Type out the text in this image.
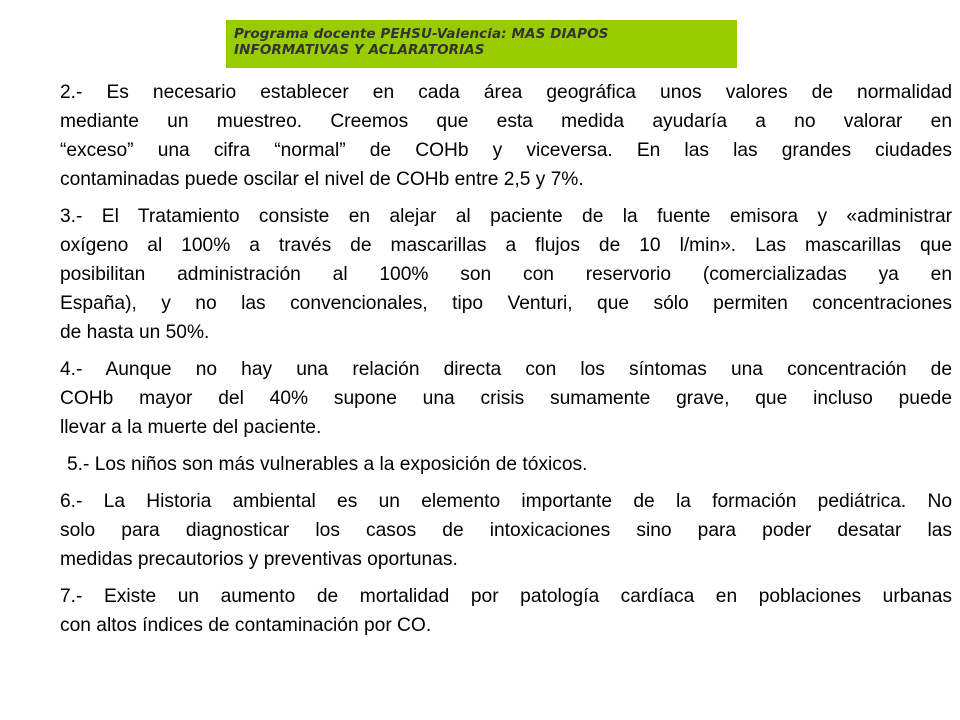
Programa docente PEHSU-Valencia: MAS DIAPOS
INFORMATIVAS Y ACLARATORIAS

2.- Es necesario establecer en cada área geográfica unos valores de normalidad
mediante un muestreo. Creemos que esta medida ayudaría a no valorar en
“exceso” una cifra “normal” de COHb y viceversa. En las las grandes ciudades
contaminadas puede oscilar el nivel de COHb entre 2,5 y 7%.

3.- El Tratamiento consiste en alejar al paciente de la fuente emisora y «administrar
oxígeno al 100% a través de mascarillas a flujos de 10 l/min». Las mascarillas que
posibilitan administración al 100% son con reservorio (comercializadas ya en
España), y no las convencionales, tipo Venturi, que sólo permiten concentraciones
de hasta un 50%.

4.- Aunque no hay una relación directa con los síntomas una concentración de
COHb mayor del 40% supone una crisis sumamente grave, que incluso puede
llevar a la muerte del paciente.

5.- Los niños son más vulnerables a la exposición de tóxicos.

6.- La Historia ambiental es un elemento importante de la formación pediátrica. No
solo para diagnosticar los casos de intoxicaciones sino para poder desatar las
medidas precautorios y preventivas oportunas.

7.- Existe un aumento de mortalidad por patología cardíaca en poblaciones urbanas
con altos índices de contaminación por CO.
